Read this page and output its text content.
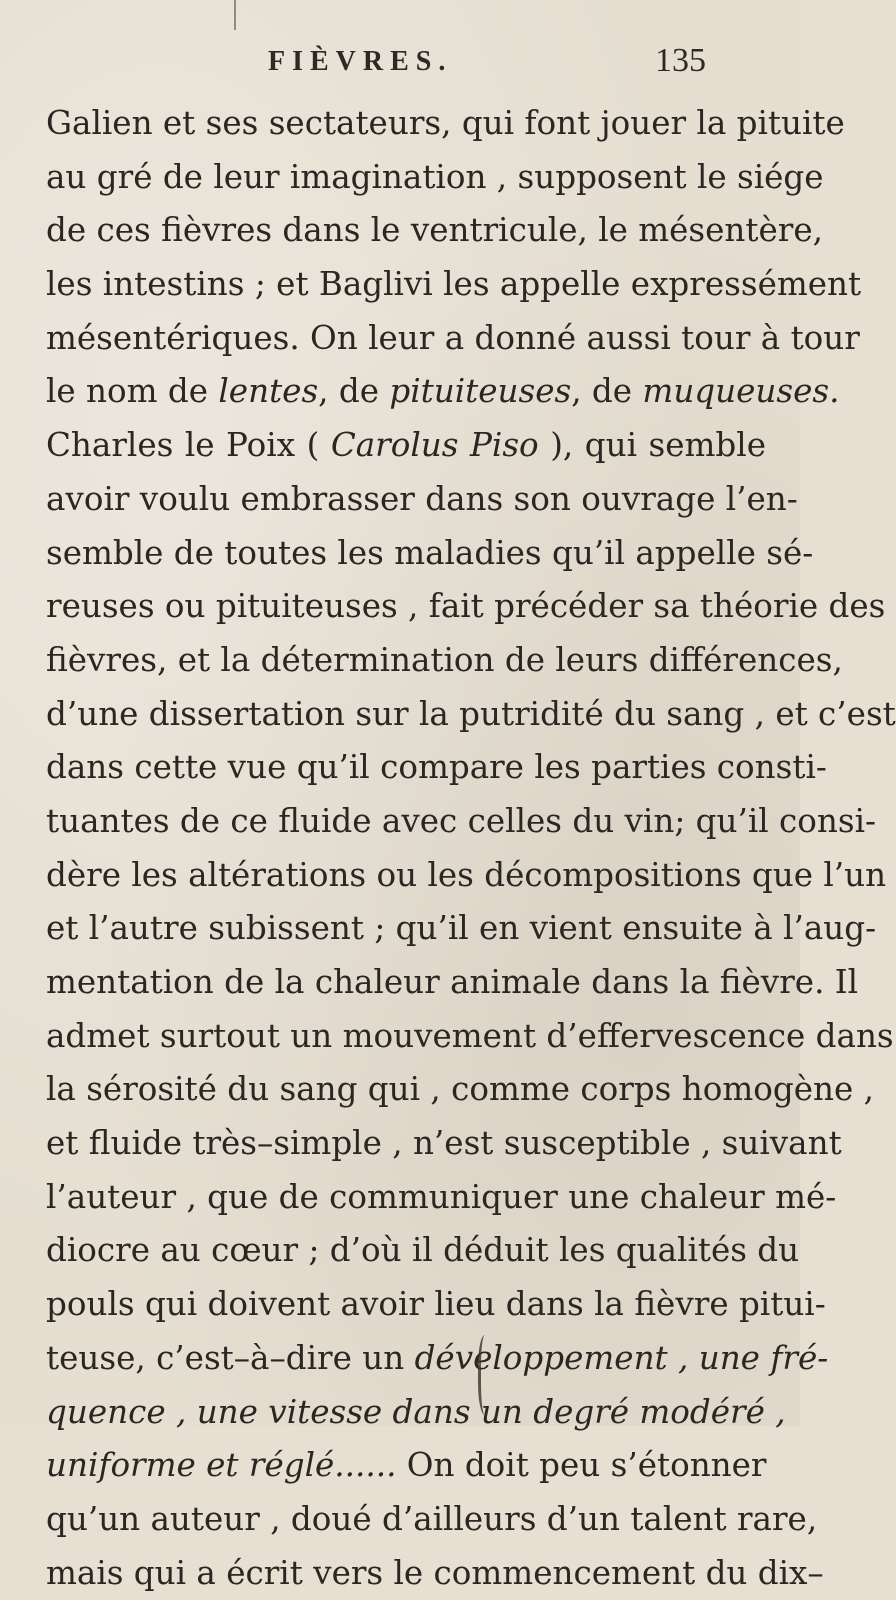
FIÈVRES.	135
Galien et ses sectateurs, qui font jouer la pituite
au gré de leur imagination , supposent le siége
de ces fièvres dans le ventricule, le mésentère,
les intestins ; et Baglivi les appelle expressément
mésentériques. On leur a donné aussi tour à tour
le nom de lentes, de pituiteuses, de muqueuses.
Charles le Poix ( Carolus Piso ), qui semble
avoir voulu embrasser dans son ouvrage l’en-
semble de toutes les maladies qu’il appelle sé-
reuses ou pituiteuses , fait précéder sa théorie des
fièvres, et la détermination de leurs différences,
d’une dissertation sur la putridité du sang , et c’est
dans cette vue qu’il compare les parties consti-
tuantes de ce fluide avec celles du vin; qu’il consi-
dère les altérations ou les décompositions que l’un
et l’autre subissent ; qu’il en vient ensuite à l’aug-
mentation de la chaleur animale dans la fièvre. Il
admet surtout un mouvement d’effervescence dans
la sérosité du sang qui , comme corps homogène ,
et fluide très–simple , n’est susceptible , suivant
l’auteur , que de communiquer une chaleur mé-
diocre au cœur ; d’où il déduit les qualités du
pouls qui doivent avoir lieu dans la fièvre pitui-
teuse, c’est–à–dire un développement , une fré-
quence , une vitesse dans un degré modéré ,
uniforme et réglé...... On doit peu s’étonner
qu’un auteur , doué d’ailleurs d’un talent rare,
mais qui a écrit vers le commencement du dix–
